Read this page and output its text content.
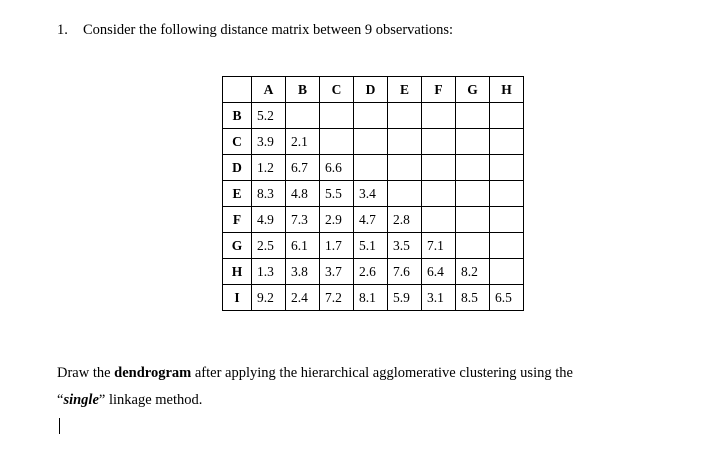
1. Consider the following distance matrix between 9 observations:
	A	B	C	D	E	F	G	H
B	5.2							
C	3.9	2.1						
D	1.2	6.7	6.6					
E	8.3	4.8	5.5	3.4				
F	4.9	7.3	2.9	4.7	2.8			
G	2.5	6.1	1.7	5.1	3.5	7.1		
H	1.3	3.8	3.7	2.6	7.6	6.4	8.2	
I	9.2	2.4	7.2	8.1	5.9	3.1	8.5	6.5
Draw the dendrogram after applying the hierarchical agglomerative clustering using the
“single” linkage method.
